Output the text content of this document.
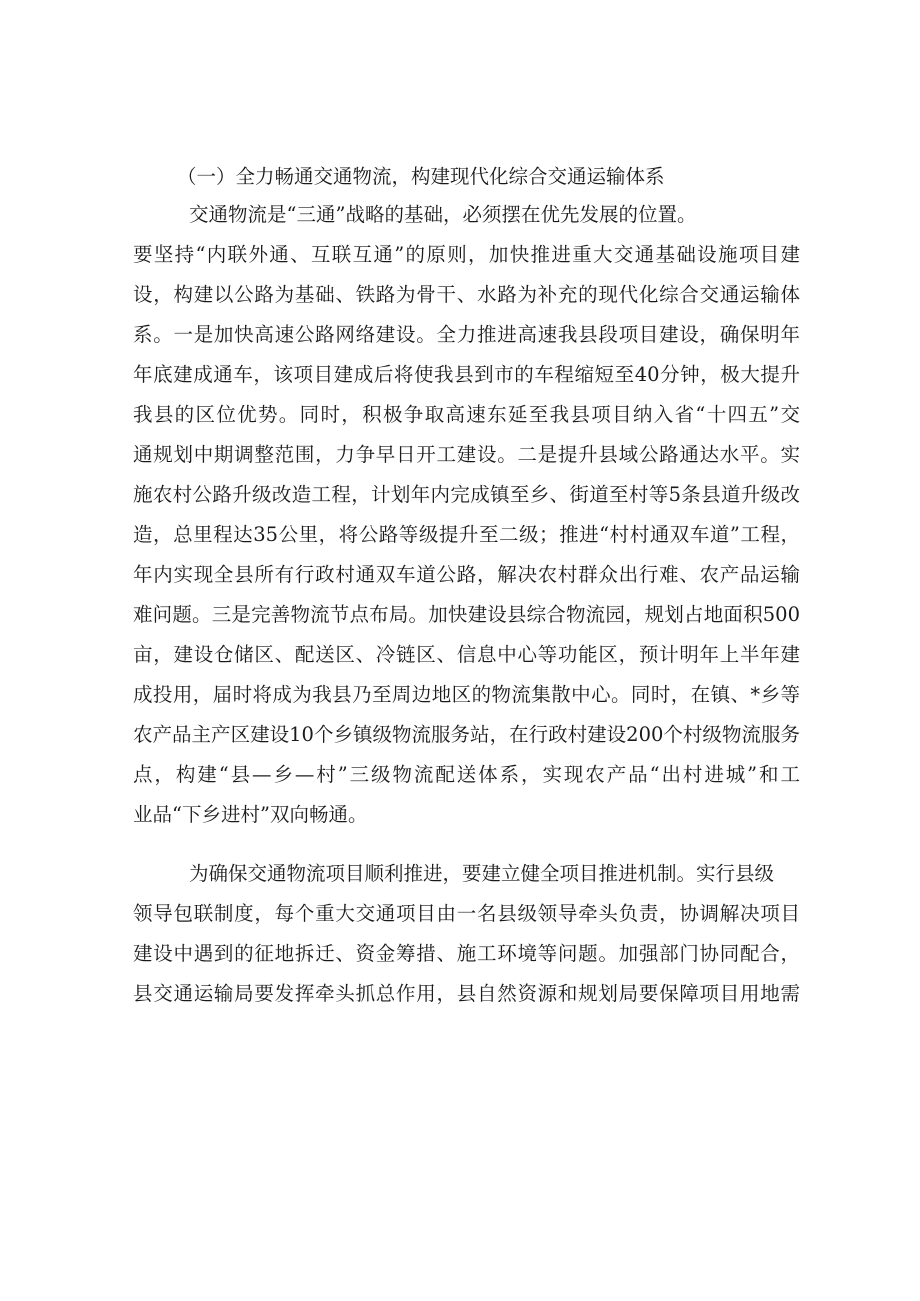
（一）全力畅通交通物流，构建现代化综合交通运输体系
交通物流是“三通”战略的基础，必须摆在优先发展的位置。
要坚持“内联外通、互联互通”的原则，加快推进重大交通基础设施项目建
设，构建以公路为基础、铁路为骨干、水路为补充的现代化综合交通运输体
系。一是加快高速公路网络建设。全力推进高速我县段项目建设，确保明年
年底建成通车，该项目建成后将使我县到市的车程缩短至40分钟，极大提升
我县的区位优势。同时，积极争取高速东延至我县项目纳入省“十四五”交
通规划中期调整范围，力争早日开工建设。二是提升县域公路通达水平。实
施农村公路升级改造工程，计划年内完成镇至乡、街道至村等5条县道升级改
造，总里程达35公里，将公路等级提升至二级；推进“村村通双车道”工程，
年内实现全县所有行政村通双车道公路，解决农村群众出行难、农产品运输
难问题。三是完善物流节点布局。加快建设县综合物流园，规划占地面积500
亩，建设仓储区、配送区、冷链区、信息中心等功能区，预计明年上半年建
成投用，届时将成为我县乃至周边地区的物流集散中心。同时，在镇、*乡等
农产品主产区建设10个乡镇级物流服务站，在行政村建设200个村级物流服务
点，构建“县—乡—村”三级物流配送体系，实现农产品“出村进城”和工
业品“下乡进村”双向畅通。
为确保交通物流项目顺利推进，要建立健全项目推进机制。实行县级
领导包联制度，每个重大交通项目由一名县级领导牵头负责，协调解决项目
建设中遇到的征地拆迁、资金筹措、施工环境等问题。加强部门协同配合，
县交通运输局要发挥牵头抓总作用，县自然资源和规划局要保障项目用地需
